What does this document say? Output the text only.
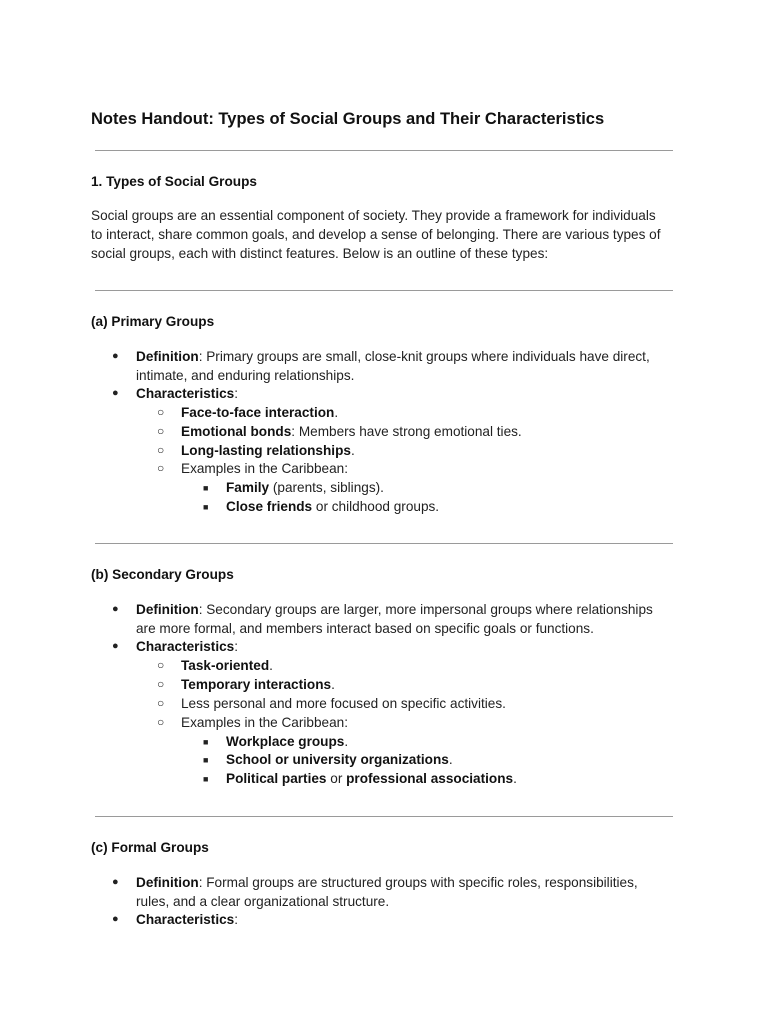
Notes Handout: Types of Social Groups and Their Characteristics
1. Types of Social Groups
Social groups are an essential component of society. They provide a framework for individuals
to interact, share common goals, and develop a sense of belonging. There are various types of
social groups, each with distinct features. Below is an outline of these types:
(a) Primary Groups
● Definition: Primary groups are small, close-knit groups where individuals have direct,
intimate, and enduring relationships.
● Characteristics:
○ Face-to-face interaction.
○ Emotional bonds: Members have strong emotional ties.
○ Long-lasting relationships.
○ Examples in the Caribbean:
■ Family (parents, siblings).
■ Close friends or childhood groups.
(b) Secondary Groups
● Definition: Secondary groups are larger, more impersonal groups where relationships
are more formal, and members interact based on specific goals or functions.
● Characteristics:
○ Task-oriented.
○ Temporary interactions.
○ Less personal and more focused on specific activities.
○ Examples in the Caribbean:
■ Workplace groups.
■ School or university organizations.
■ Political parties or professional associations.
(c) Formal Groups
● Definition: Formal groups are structured groups with specific roles, responsibilities,
rules, and a clear organizational structure.
● Characteristics:
